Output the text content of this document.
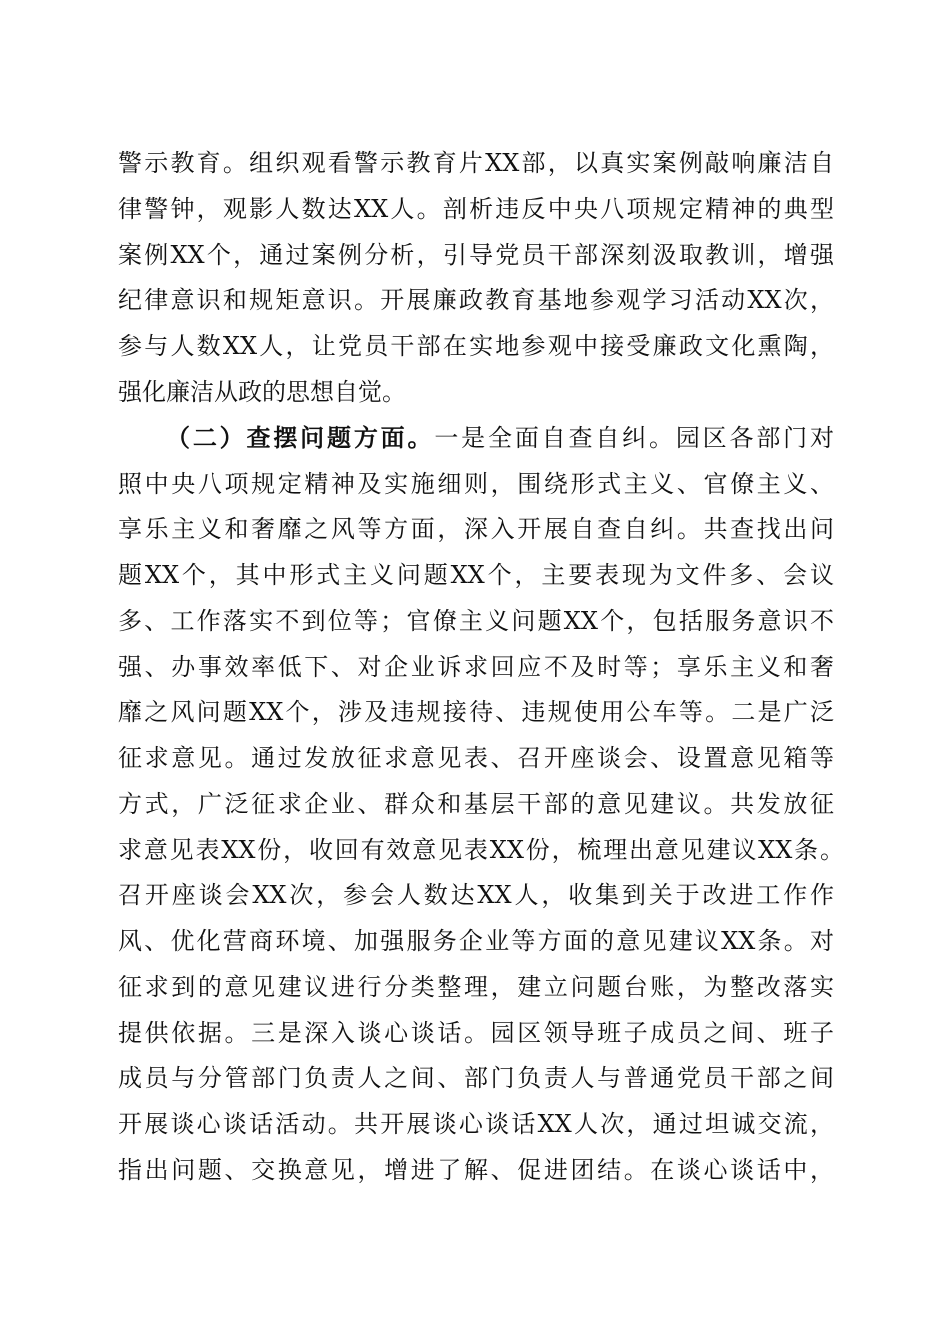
警示教育。组织观看警示教育片XX部，以真实案例敲响廉洁自
律警钟，观影人数达XX人。剖析违反中央八项规定精神的典型
案例XX个，通过案例分析，引导党员干部深刻汲取教训，增强
纪律意识和规矩意识。开展廉政教育基地参观学习活动XX次，
参与人数XX人，让党员干部在实地参观中接受廉政文化熏陶，
强化廉洁从政的思想自觉。
（二）查摆问题方面。一是全面自查自纠。园区各部门对
照中央八项规定精神及实施细则，围绕形式主义、官僚主义、
享乐主义和奢靡之风等方面，深入开展自查自纠。共查找出问
题XX个，其中形式主义问题XX个，主要表现为文件多、会议
多、工作落实不到位等；官僚主义问题XX个，包括服务意识不
强、办事效率低下、对企业诉求回应不及时等；享乐主义和奢
靡之风问题XX个，涉及违规接待、违规使用公车等。二是广泛
征求意见。通过发放征求意见表、召开座谈会、设置意见箱等
方式，广泛征求企业、群众和基层干部的意见建议。共发放征
求意见表XX份，收回有效意见表XX份，梳理出意见建议XX条。
召开座谈会XX次，参会人数达XX人，收集到关于改进工作作
风、优化营商环境、加强服务企业等方面的意见建议XX条。对
征求到的意见建议进行分类整理，建立问题台账，为整改落实
提供依据。三是深入谈心谈话。园区领导班子成员之间、班子
成员与分管部门负责人之间、部门负责人与普通党员干部之间
开展谈心谈话活动。共开展谈心谈话XX人次，通过坦诚交流，
指出问题、交换意见，增进了解、促进团结。在谈心谈话中，
